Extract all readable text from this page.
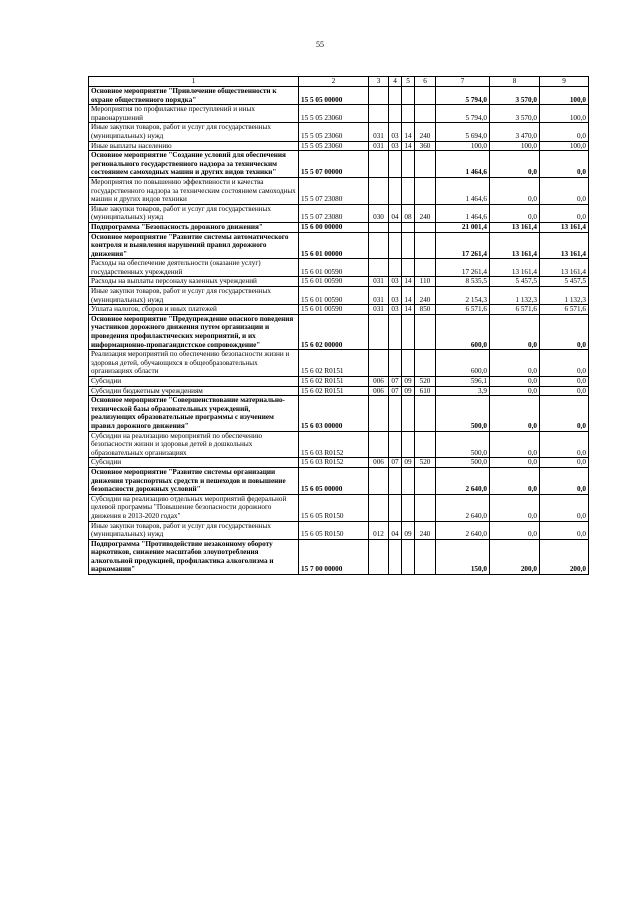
55
1	2	3	4	5	6	7	8	9
Основное мероприятие "Привлечение общественности к охране общественного порядка"	15 5 05 00000					5 794,0	3 570,0	100,0
Мероприятия по профилактике преступлений и иных правонарушений	15 5 05 23060					5 794,0	3 570,0	100,0
Иные закупки товаров, работ и услуг для государственных (муниципальных) нужд	15 5 05 23060	031	03	14	240	5 694,0	3 470,0	0,0
Иные выплаты населению	15 5 05 23060	031	03	14	360	100,0	100,0	100,0
Основное мероприятие "Создание условий для обеспечения регионального государственного надзора за техническим состоянием самоходных машин и других видов техники"	15 5 07 00000					1 464,6	0,0	0,0
Мероприятия по повышению эффективности и качества государственного надзора за техническим состоянием самоходных машин и других видов техники	15 5 07 23080					1 464,6	0,0	0,0
Иные закупки товаров, работ и услуг для государственных (муниципальных) нужд	15 5 07 23080	030	04	08	240	1 464,6	0,0	0,0
Подпрограмма "Безопасность дорожного движения"	15 6 00 00000					21 001,4	13 161,4	13 161,4
Основное мероприятие "Развитие системы автоматического контроля и выявления нарушений правил дорожного движения"	15 6 01 00000					17 261,4	13 161,4	13 161,4
Расходы на обеспечение деятельности (оказание услуг) государственных учреждений	15 6 01 00590					17 261,4	13 161,4	13 161,4
Расходы на выплаты персоналу казенных учреждений	15 6 01 00590	031	03	14	110	8 535,5	5 457,5	5 457,5
Иные закупки товаров, работ и услуг для государственных (муниципальных) нужд	15 6 01 00590	031	03	14	240	2 154,3	1 132,3	1 132,3
Уплата налогов, сборов и иных платежей	15 6 01 00590	031	03	14	850	6 571,6	6 571,6	6 571,6
Основное мероприятие "Предупреждение опасного поведения участников дорожного движения путем организации и проведения профилактических мероприятий, и их информационно-пропагандистское сопровождение"	15 6 02 00000					600,0	0,0	0,0
Реализация мероприятий по обеспечению безопасности жизни и здоровья детей, обучающихся в общеобразовательных организациях области	15 6 02 R0151					600,0	0,0	0,0
Субсидии	15 6 02 R0151	006	07	09	520	596,1	0,0	0,0
Субсидии бюджетным учреждениям	15 6 02 R0151	006	07	09	610	3,9	0,0	0,0
Основное мероприятие "Совершенствование материально-технической базы образовательных учреждений, реализующих образовательные программы с изучением правил дорожного движения"	15 6 03 00000					500,0	0,0	0,0
Субсидии на реализацию мероприятий по обеспечению безопасности жизни и здоровья детей в дошкольных образовательных организациях	15 6 03 R0152					500,0	0,0	0,0
Субсидии	15 6 03 R0152	006	07	09	520	500,0	0,0	0,0
Основное мероприятие "Развитие системы организации движения транспортных средств и пешеходов и повышение безопасности дорожных условий"	15 6 05 00000					2 640,0	0,0	0,0
Субсидии на реализацию отдельных мероприятий федеральной целевой программы "Повышение безопасности дорожного движения в 2013-2020 годах"	15 6 05 R0150					2 640,0	0,0	0,0
Иные закупки товаров, работ и услуг для государственных (муниципальных) нужд	15 6 05 R0150	012	04	09	240	2 640,0	0,0	0,0
Подпрограмма "Противодействие незаконному обороту наркотиков, снижение масштабов злоупотребления алкогольной продукцией, профилактика алкоголизма и наркомании"	15 7 00 00000					150,0	200,0	200,0
